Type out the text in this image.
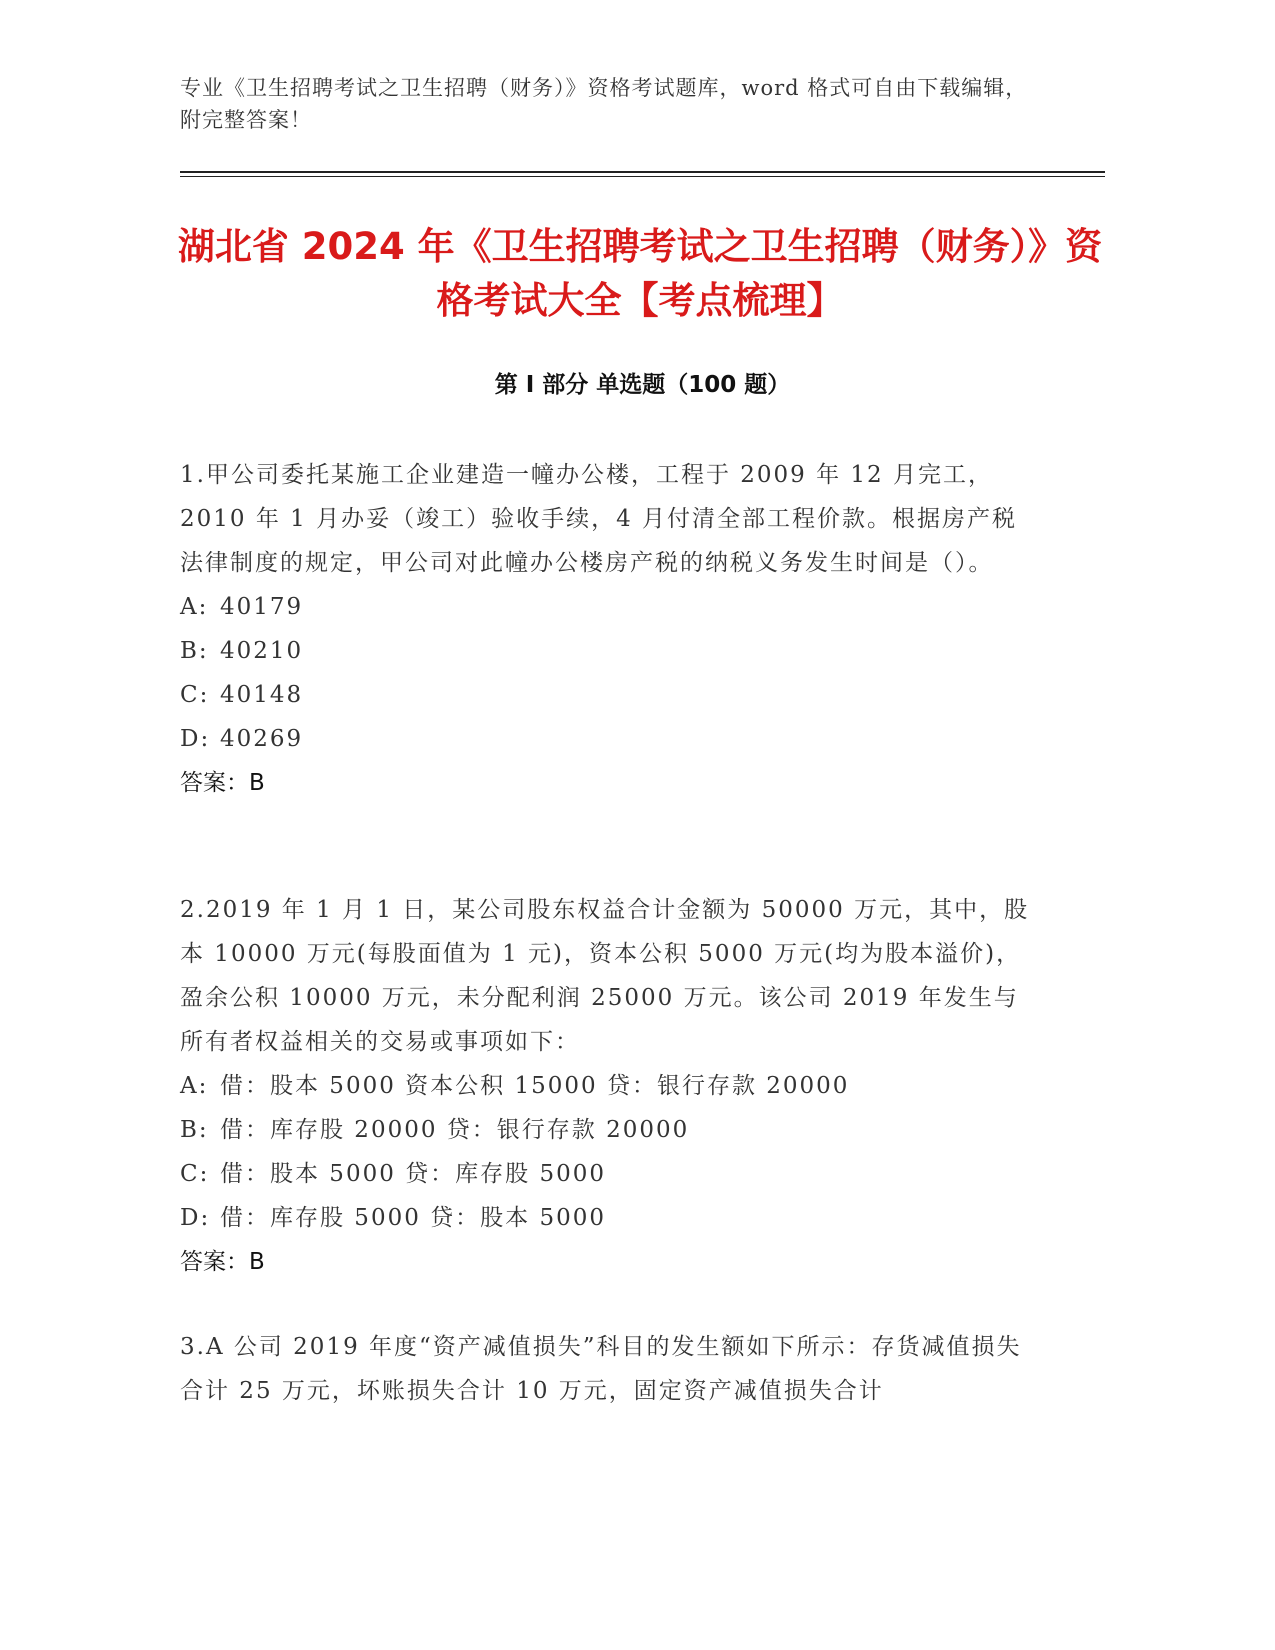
专业《卫生招聘考试之卫生招聘（财务）》资格考试题库，word 格式可自由下载编辑，附完整答案！
湖北省 2024 年《卫生招聘考试之卫生招聘（财务）》资格考试大全【考点梳理】
第 I 部分 单选题（100 题）

1.甲公司委托某施工企业建造一幢办公楼，工程于 2009 年 12 月完工，2010 年 1 月办妥（竣工）验收手续，4 月付清全部工程价款。根据房产税法律制度的规定，甲公司对此幢办公楼房产税的纳税义务发生时间是（）。

A: 40179

B: 40210

C: 40148

D: 40269

答案：B

2.2019 年 1 月 1 日，某公司股东权益合计金额为 50000 万元，其中，股本 10000 万元(每股面值为 1 元)，资本公积 5000 万元(均为股本溢价)，盈余公积 10000 万元，未分配利润 25000 万元。该公司 2019 年发生与所有者权益相关的交易或事项如下：

A: 借：股本 5000 资本公积 15000 贷：银行存款 20000

B: 借：库存股 20000 贷：银行存款 20000

C: 借：股本 5000 贷：库存股 5000

D: 借：库存股 5000 贷：股本 5000

答案：B

3.A 公司 2019 年度“资产减值损失”科目的发生额如下所示：存货减值损失合计 25 万元，坏账损失合计 10 万元，固定资产减值损失合计
